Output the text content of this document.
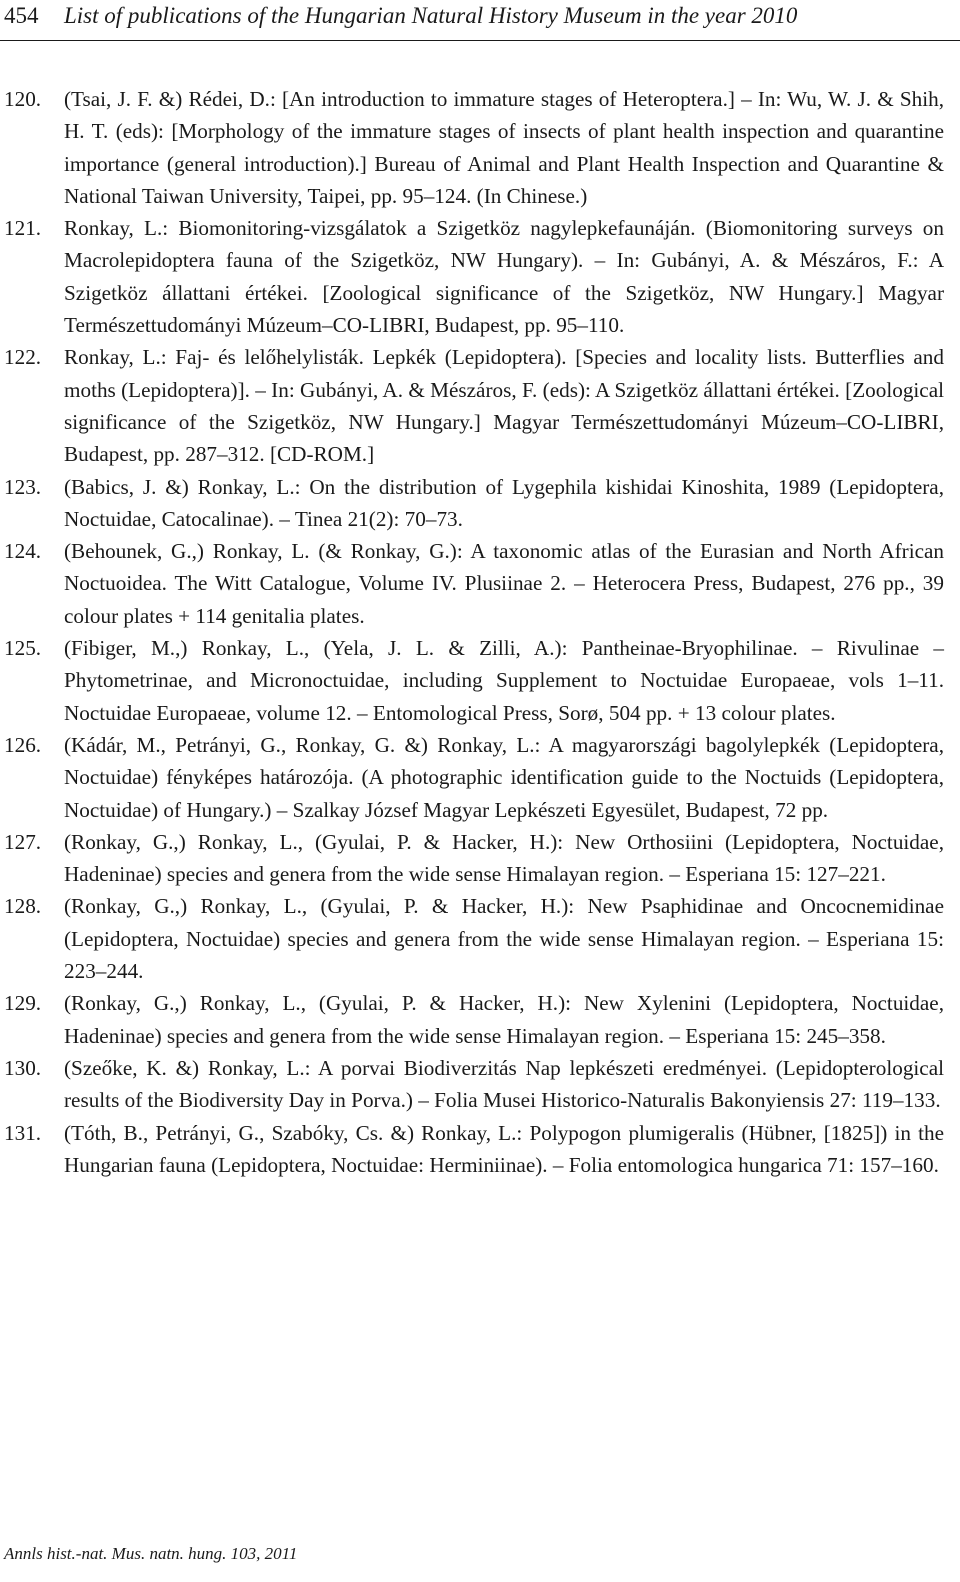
454 List of publications of the Hungarian Natural History Museum in the year 2010
120. (Tsai, J. F. &) Rédei, D.: [An introduction to immature stages of Heteroptera.] – In: Wu, W. J. & Shih, H. T. (eds): [Morphology of the immature stages of insects of plant health inspection and quarantine importance (general introduction).] Bureau of Animal and Plant Health Inspection and Quarantine & National Taiwan University, Taipei, pp. 95–124. (In Chinese.)
121. Ronkay, L.: Biomonitoring-vizsgálatok a Szigetköz nagylepkefaunáján. (Biomonitoring surveys on Macrolepidoptera fauna of the Szigetköz, NW Hungary). – In: Gubányi, A. & Mészáros, F.: A Szigetköz állattani értékei. [Zoological significance of the Szigetköz, NW Hungary.] Magyar Természettudományi Múzeum–CO-LIBRI, Budapest, pp. 95–110.
122. Ronkay, L.: Faj- és lelőhelylisták. Lepkék (Lepidoptera). [Species and locality lists. Butterflies and moths (Lepidoptera)]. – In: Gubányi, A. & Mészáros, F. (eds): A Szigetköz állattani értékei. [Zoological significance of the Szigetköz, NW Hungary.] Magyar Természettudományi Múzeum–CO-LIBRI, Budapest, pp. 287–312. [CD-ROM.]
123. (Babics, J. &) Ronkay, L.: On the distribution of Lygephila kishidai Kinoshita, 1989 (Lepidoptera, Noctuidae, Catocalinae). – Tinea 21(2): 70–73.
124. (Behounek, G.,) Ronkay, L. (& Ronkay, G.): A taxonomic atlas of the Eurasian and North African Noctuoidea. The Witt Catalogue, Volume IV. Plusiinae 2. – Heterocera Press, Budapest, 276 pp., 39 colour plates + 114 genitalia plates.
125. (Fibiger, M.,) Ronkay, L., (Yela, J. L. & Zilli, A.): Pantheinae-Bryophilinae. – Rivulinae – Phytometrinae, and Micronoctuidae, including Supplement to Noctuidae Europaeae, vols 1–11. Noctuidae Europaeae, volume 12. – Entomological Press, Sorø, 504 pp. + 13 colour plates.
126. (Kádár, M., Petrányi, G., Ronkay, G. &) Ronkay, L.: A magyarországi bagolylepkék (Lepidoptera, Noctuidae) fényképes határozója. (A photographic identification guide to the Noctuids (Lepidoptera, Noctuidae) of Hungary.) – Szalkay József Magyar Lepkészeti Egyesület, Budapest, 72 pp.
127. (Ronkay, G.,) Ronkay, L., (Gyulai, P. & Hacker, H.): New Orthosiini (Lepidoptera, Noctuidae, Hadeninae) species and genera from the wide sense Himalayan region. – Esperiana 15: 127–221.
128. (Ronkay, G.,) Ronkay, L., (Gyulai, P. & Hacker, H.): New Psaphidinae and Oncocnemidinae (Lepidoptera, Noctuidae) species and genera from the wide sense Himalayan region. – Esperiana 15: 223–244.
129. (Ronkay, G.,) Ronkay, L., (Gyulai, P. & Hacker, H.): New Xylenini (Lepidoptera, Noctuidae, Hadeninae) species and genera from the wide sense Himalayan region. – Esperiana 15: 245–358.
130. (Szeőke, K. &) Ronkay, L.: A porvai Biodiverzitás Nap lepkészeti eredményei. (Lepidopterological results of the Biodiversity Day in Porva.) – Folia Musei Historico-Naturalis Bakonyiensis 27: 119–133.
131. (Tóth, B., Petrányi, G., Szabóky, Cs. &) Ronkay, L.: Polypogon plumigeralis (Hübner, [1825]) in the Hungarian fauna (Lepidoptera, Noctuidae: Herminiinae). – Folia entomologica hungarica 71: 157–160.
Annls hist.-nat. Mus. natn. hung. 103, 2011
